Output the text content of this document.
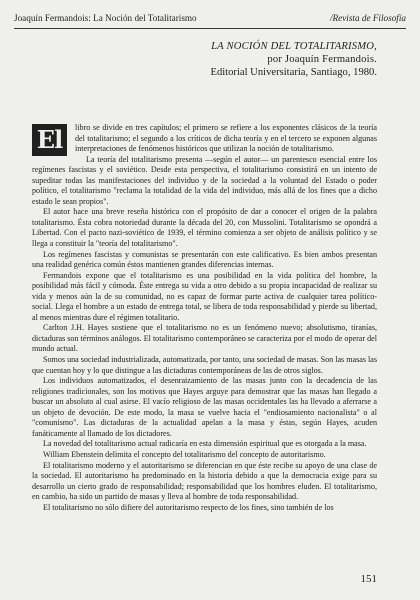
Joaquín Fermandois: La Noción del Totalitarismo	/Revista de Filosofía
LA NOCIÓN DEL TOTALITARISMO,
por Joaquín Fermandois.
Editorial Universitaria, Santiago, 1980.

El	libro se divide en tres capítulos; el primero se refiere a los exponentes clásicos de la teoría del totalitarismo; el segundo a los críticos de dicha teoría y en el tercero se exponen algunas interpretaciones de fenómenos históricos que utilizan la noción de totalitarismo.

La teoría del totalitarismo presenta —según el autor— un parentesco esencial entre los regímenes fascistas y el soviético. Desde esta perspectiva, el totalitarismo consistirá en un intento de supeditar todas las manifestaciones del individuo y de la sociedad a la voluntad del Estado o poder político, el totalitarismo "reclama la totalidad de la vida del individuo, más allá de los fines que a dicho estado le sean propios".

El autor hace una breve reseña histórica con el propósito de dar a conocer el origen de la palabra totalitarismo. Ésta cobra notoriedad durante la década del 20, con Mussolini. Totalitarismo se opondrá a Libertad. Con el pacto nazi-soviético de 1939, el término comienza a ser objeto de análisis político y se llega a constituir la "teoría del totalitarismo".

Los regímenes fascistas y comunistas se presentarán con este calificativo. Es bien ambos presentan una realidad genérica común éstos mantienen grandes diferencias internas.

Fermandois expone que el totalitarismo es una posibilidad en la vida política del hombre, la posibilidad más fácil y cómoda. Éste entrega su vida a otro debido a su propia incapacidad de realizar su vida y menos aún la de su comunidad, no es capaz de formar parte activa de cualquier tarea político-social. Llega el hombre a un estado de entrega total, se libera de toda responsabilidad y pierde su libertad, al menos mientras dure el régimen totalitario.

Carlton J.H. Hayes sostiene que el totalitarismo no es un fenómeno nuevo; absolutismo, tiranías, dictaduras son términos análogos. El totalitarismo contemporáneo se caracteriza por el modo de operar del mundo actual.

Somos una sociedad industrializada, automatizada, por tanto, una sociedad de masas. Son las masas las que cuentan hoy y lo que distingue a las dictaduras contemporáneas de las de otros siglos.

Los individuos automatizados, el desenraizamiento de las masas junto con la decadencia de las religiones tradicionales, son los motivos que Hayes arguye para demostrar que las masas han llegado a buscar un absoluto al cual asirse. El vacío religioso de las masas occidentales las ha llevado a aferrarse a un objeto de devoción. De este modo, la masa se vuelve hacia el "endiosamiento nacionalista" o al "comunismo". Las dictaduras de la actualidad apelan a la masa y éstas, según Hayes, acuden fanáticamente al llamado de los dictadores.

La novedad del totalitarismo actual radicaría en esta dimensión espiritual que es otorgada a la masa.

William Ebenstein delimita el concepto del totalitarismo del concepto de autoritarismo.

El totalitarismo moderno y el autoritarismo se diferencian en que éste recibe su apoyo de una clase de la sociedad. El autoritarismo ha predominado en la historia debido a que la democracia exige para su desarrollo un cierto grado de responsabilidad; responsabilidad que los hombres eluden. El totalitarismo, en cambio, ha sido un partido de masas y lleva al hombre de toda responsabilidad.

El totalitarismo no sólo difiere del autoritarismo respecto de los fines, sino también de los

151
